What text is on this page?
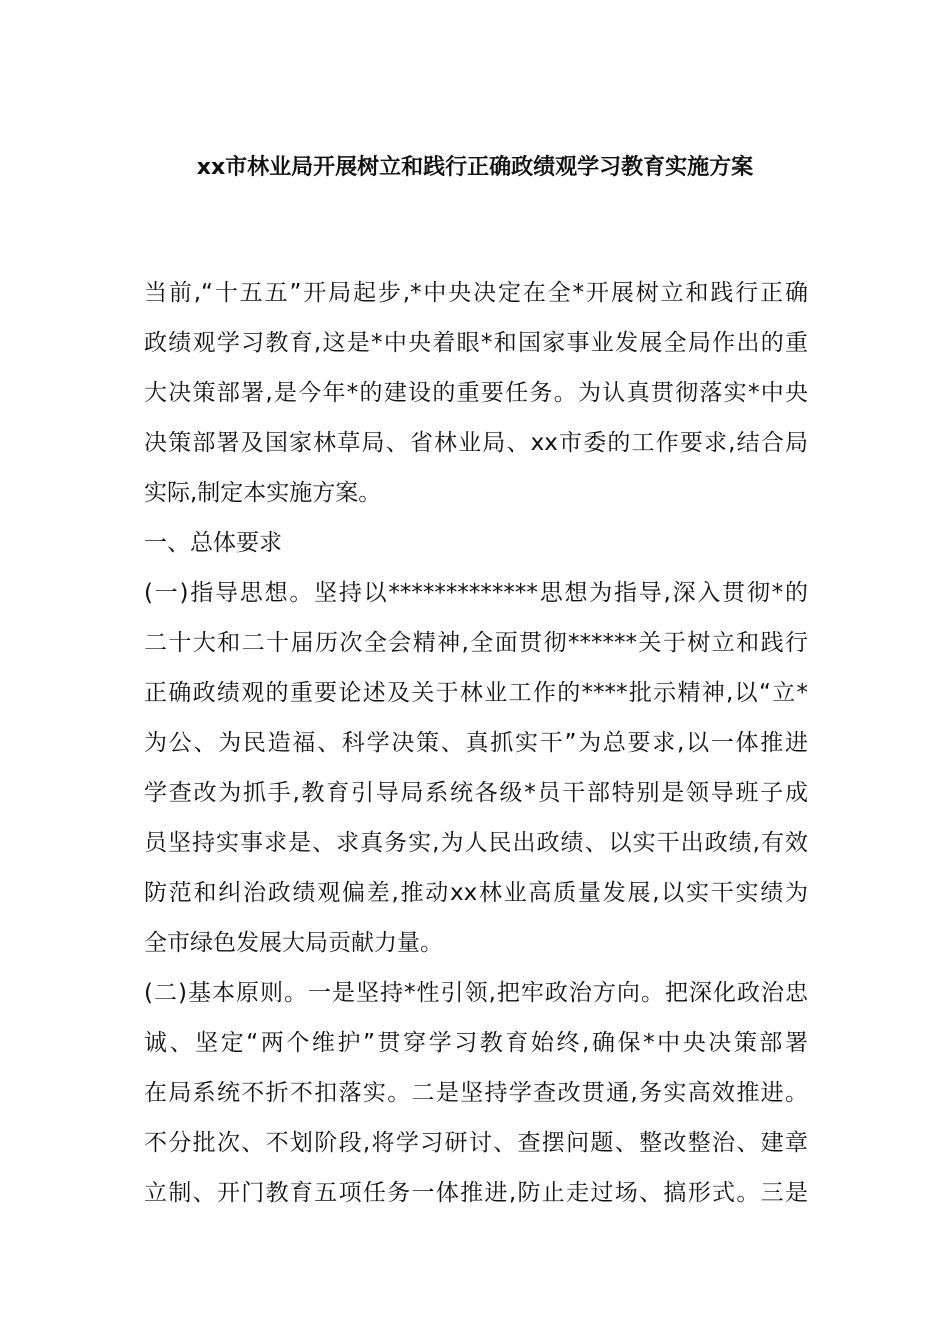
xx市林业局开展树立和践行正确政绩观学习教育实施方案
当前,“十五五”开局起步,*中央决定在全*开展树立和践行正确
政绩观学习教育,这是*中央着眼*和国家事业发展全局作出的重
大决策部署,是今年*的建设的重要任务。为认真贯彻落实*中央
决策部署及国家林草局、省林业局、xx市委的工作要求,结合局
实际,制定本实施方案。
一、总体要求
(一)指导思想。坚持以*************思想为指导,深入贯彻*的
二十大和二十届历次全会精神,全面贯彻******关于树立和践行
正确政绩观的重要论述及关于林业工作的****批示精神,以“立*
为公、为民造福、科学决策、真抓实干”为总要求,以一体推进
学查改为抓手,教育引导局系统各级*员干部特别是领导班子成
员坚持实事求是、求真务实,为人民出政绩、以实干出政绩,有效
防范和纠治政绩观偏差,推动xx林业高质量发展,以实干实绩为
全市绿色发展大局贡献力量。
(二)基本原则。一是坚持*性引领,把牢政治方向。把深化政治忠
诚、坚定“两个维护”贯穿学习教育始终,确保*中央决策部署
在局系统不折不扣落实。二是坚持学查改贯通,务实高效推进。
不分批次、不划阶段,将学习研讨、查摆问题、整改整治、建章
立制、开门教育五项任务一体推进,防止走过场、搞形式。三是
